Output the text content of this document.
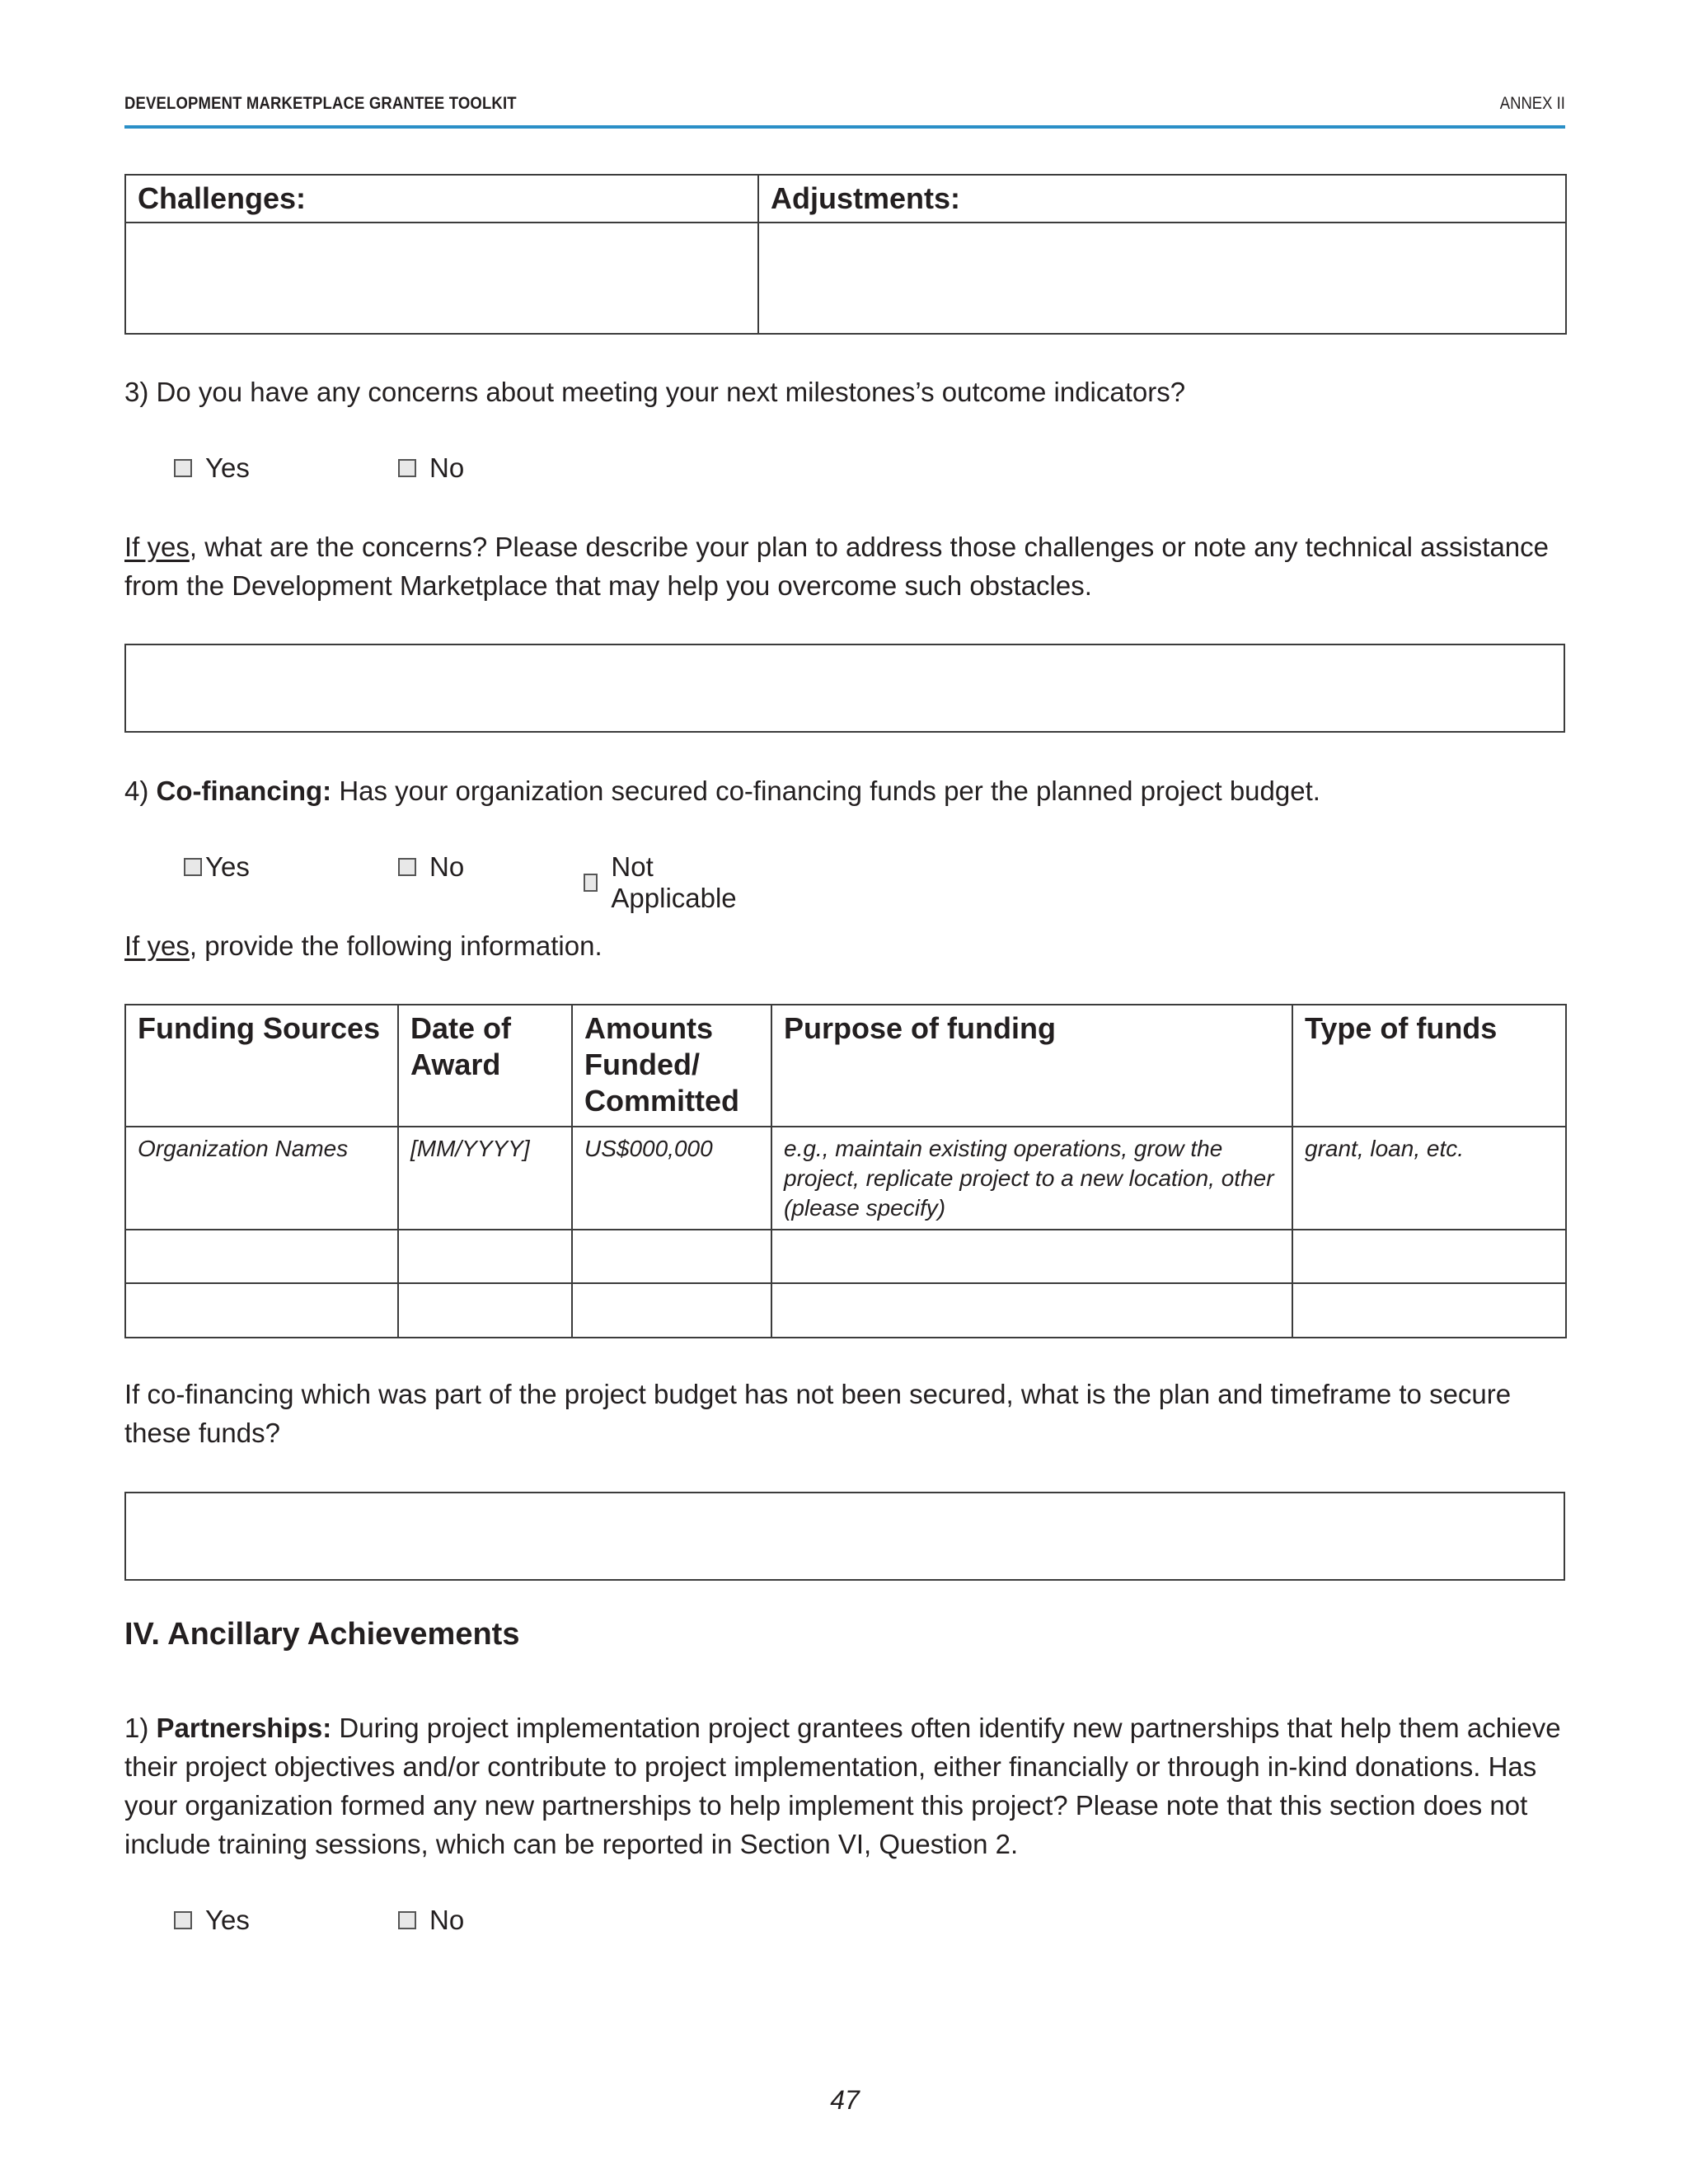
DEVELOPMENT MARKETPLACE GRANTEE TOOLKIT	ANNEX II
Challenges:	Adjustments:

3) Do you have any concerns about meeting your next milestones’s outcome indicators?
Yes	No
If yes, what are the concerns? Please describe your plan to address those challenges or note any technical assistance from the Development Marketplace that may help you overcome such obstacles.
4) Co-financing: Has your organization secured co-financing funds per the planned project budget.
Yes	No	Not Applicable
If yes, provide the following information.
Funding Sources	Date of Award	Amounts Funded/ Committed	Purpose of funding	Type of funds

Organization Names	[MM/YYYY]	US$000,000	e.g., maintain existing operations, grow the project, replicate project to a new location, other (please specify)	grant, loan, etc.

If co-financing which was part of the project budget has not been secured, what is the plan and timeframe to secure these funds?
IV. Ancillary Achievements
1) Partnerships: During project implementation project grantees often identify new partnerships that help them achieve their project objectives and/or contribute to project implementation, either financially or through in-kind donations. Has your organization formed any new partnerships to help implement this project? Please note that this section does not include training sessions, which can be reported in Section VI, Question 2.
Yes	No
47
